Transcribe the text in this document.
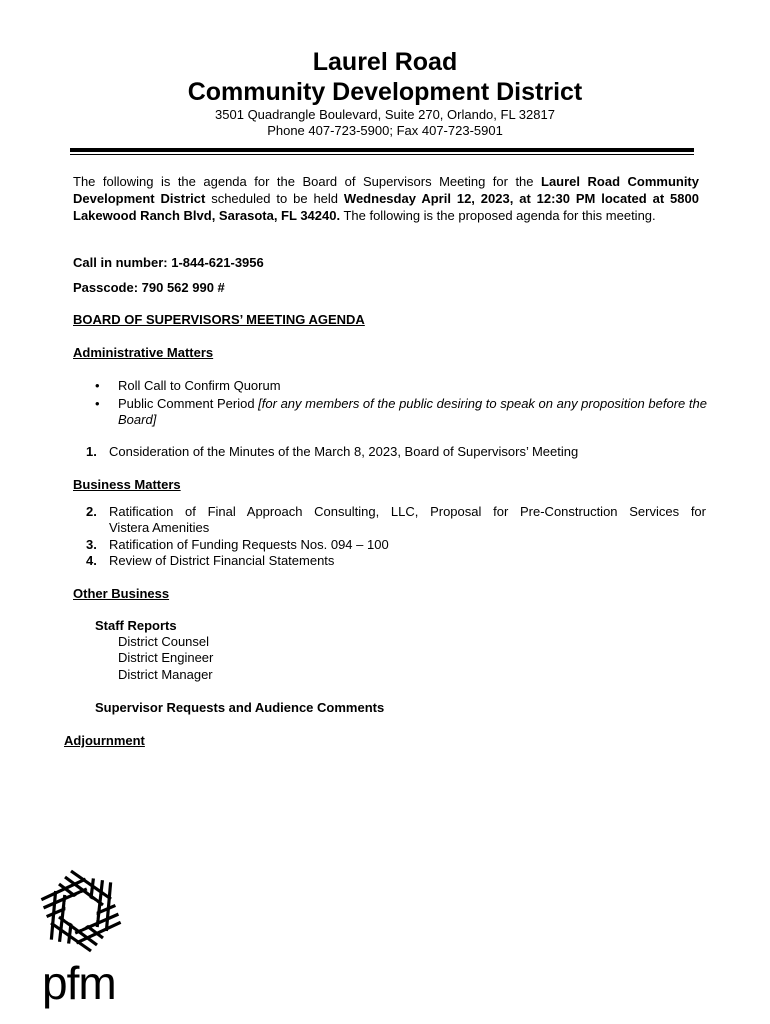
Laurel Road
Community Development District
3501 Quadrangle Boulevard, Suite 270, Orlando, FL 32817
Phone 407-723-5900; Fax 407-723-5901
The following is the agenda for the Board of Supervisors Meeting for the Laurel Road Community Development District scheduled to be held Wednesday April 12, 2023, at 12:30 PM located at 5800 Lakewood Ranch Blvd, Sarasota, FL 34240. The following is the proposed agenda for this meeting.
Call in number: 1-844-621-3956
Passcode: 790 562 990 #
BOARD OF SUPERVISORS’ MEETING AGENDA
Administrative Matters
• Roll Call to Confirm Quorum
• Public Comment Period [for any members of the public desiring to speak on any proposition before the Board]
1. Consideration of the Minutes of the March 8, 2023, Board of Supervisors’ Meeting
Business Matters
2. Ratification of Final Approach Consulting, LLC, Proposal for Pre-Construction Services for
Vistera Amenities
3. Ratification of Funding Requests Nos. 094 – 100
4. Review of District Financial Statements
Other Business
Staff Reports
District Counsel
District Engineer
District Manager
Supervisor Requests and Audience Comments
Adjournment
pfm
